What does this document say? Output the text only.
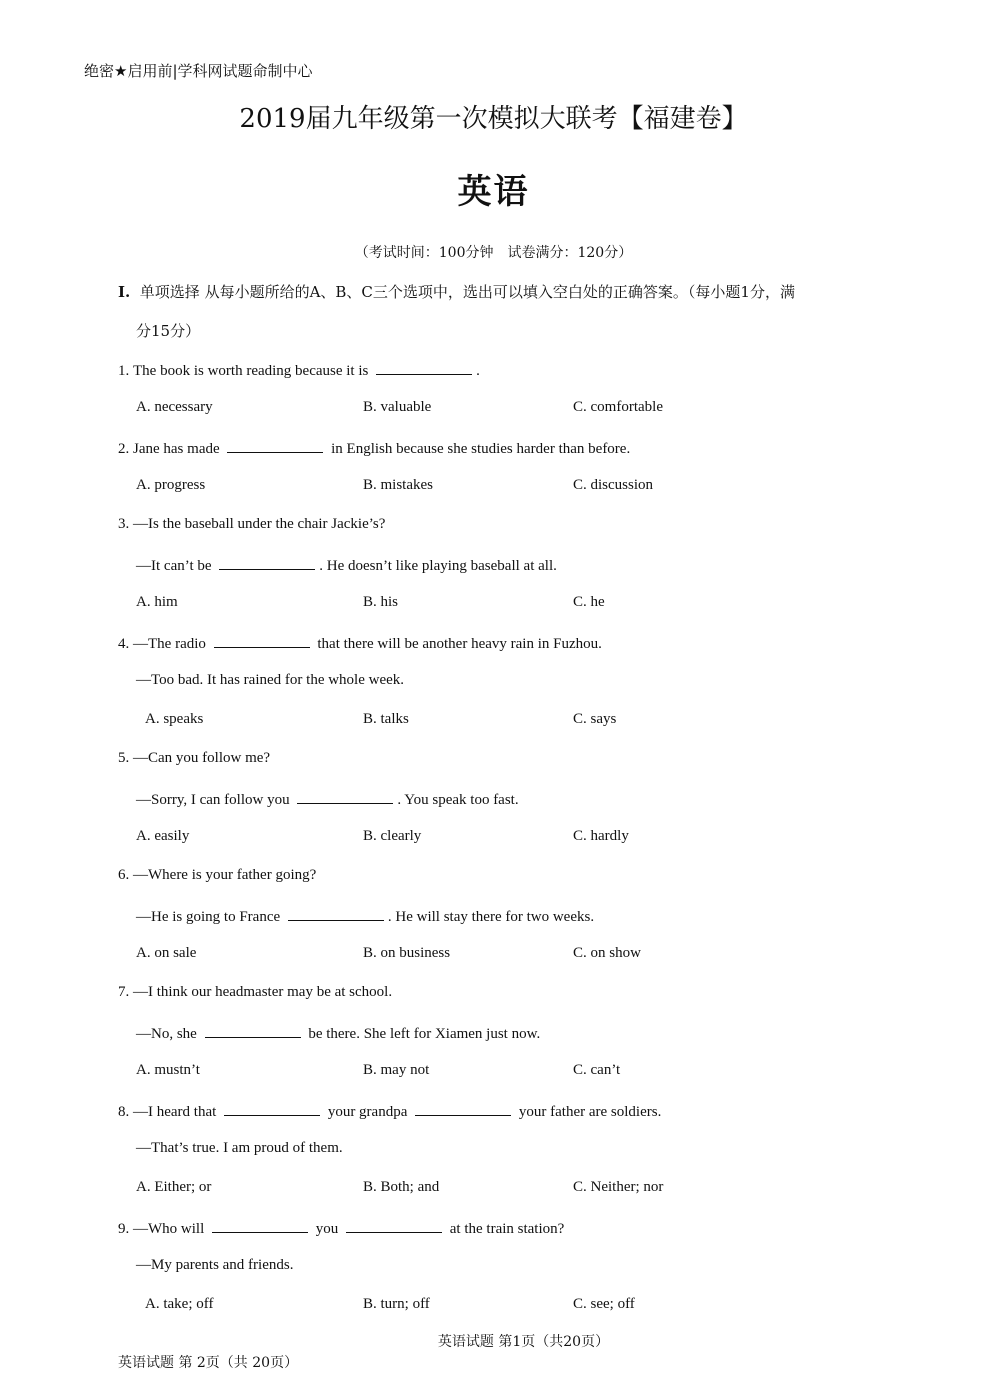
绝密★启用前|学科网试题命制中心
2019届九年级第一次模拟大联考【福建卷】
英语
（考试时间：100分钟　试卷满分：120分）
I. 单项选择 从每小题所给的A、B、C三个选项中，选出可以填入空白处的正确答案。（每小题1分，满
分15分）
1. The book is worth reading because it is	.
A. necessary	B. valuable	C. comfortable
2. Jane has made	in English because she studies harder than before.
A. progress	B. mistakes	C. discussion
3. —Is the baseball under the chair Jackie’s?
—It can’t be	. He doesn’t like playing baseball at all.
A. him	B. his	C. he
4. —The radio	that there will be another heavy rain in Fuzhou.
—Too bad. It has rained for the whole week.
A. speaks	B. talks	C. says
5. —Can you follow me?
—Sorry, I can follow you	. You speak too fast.
A. easily	B. clearly	C. hardly
6. —Where is your father going?
—He is going to France	. He will stay there for two weeks.
A. on sale	B. on business	C. on show
7. —I think our headmaster may be at school.
—No, she	be there. She left for Xiamen just now.
A. mustn’t	B. may not	C. can’t
8. —I heard that	your grandpa	your father are soldiers.
—That’s true. I am proud of them.
A. Either; or	B. Both; and	C. Neither; nor
9. —Who will	you	at the train station?
—My parents and friends.
A. take; off	B. turn; off	C. see; off
英语试题 第1页（共20页）
英语试题 第 2页（共 20页）
